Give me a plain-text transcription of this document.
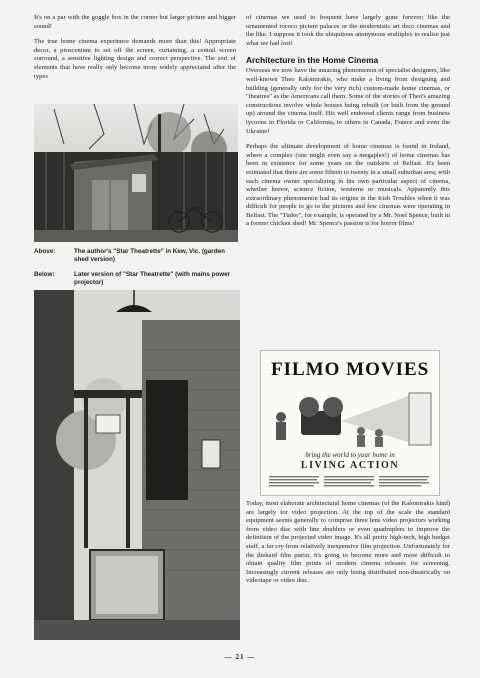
It's on a par with the goggle box in the corner but larger picture and bigger sound!

The true home cinema experience demands more than this! Appropriate decor, a proscenium to set off the screen, curtaining, a central screen surround, a sensitive lighting design and correct perspective. The sort of elements that have really only become more widely appreciated after the types

Above:	The author's "Star Theatrette" in Kew, Vic. (garden shed version)
Below:	Later version of "Star Theatrette" (with mains power projector)

of cinemas we used to frequent have largely gone forever; like the ornamented rococo picture palaces or the modernistic art deco cinemas and the like. I suppose it took the ubiquitous anonymous multiplex to realise just what we had lost!

Architecture in the Home Cinema

Overseas we now have the amazing phenomenon of specialist designers, like well-known Theo Kalomirakis, who make a living from designing and building (generally only for the very rich) custom-made home cinemas, or "theatres" as the Americans call them. Some of the stories of Theo's amazing constructions involve whole houses being rebuilt (or built from the ground up) around the cinema itself. His well endowed clients range from business tycoons in Florida or California, to others in Canada, France and even the Ukraine!

Perhaps the ultimate development of home cinemas is found in Ireland, where a complex (one might even say a megaplex!) of home cinemas has been in existence for some years on the outskirts of Belfast. It's been estimated that there are some fifteen to twenty in a small suburban area, with each cinema owner specializing in his own particular aspect of cinema, whether horror, science fiction, westerns or musicals. Apparently this extraordinary phenomenon had its origins in the Irish Troubles when it was difficult for people to go to the pictures and few cinemas were operating in Belfast. The "Tudor", for example, is operated by a Mr. Noel Spence, built in a former chicken shed! Mr. Spence's passion is for horror films!

FILMO MOVIES
bring the world to your home in
LIVING ACTION

Today, most elaborate architectural home cinemas (of the Kalomirakis kind) are largely for video projection. At the top of the scale the standard equipment seems generally to comprise three lens video projectors working from video disc with line doublers or even quadruplers to improve the definition of the projected video image. It's all pretty high-tech, high budget stuff, a far cry from relatively inexpensive film projection. Unfortunately for the diehard film purist, it's going to become more and more difficult to obtain quality film prints of modern cinema releases for screening. Increasingly current releases are only being distributed non-theatrically on videotape or video disc.

— 21 —
